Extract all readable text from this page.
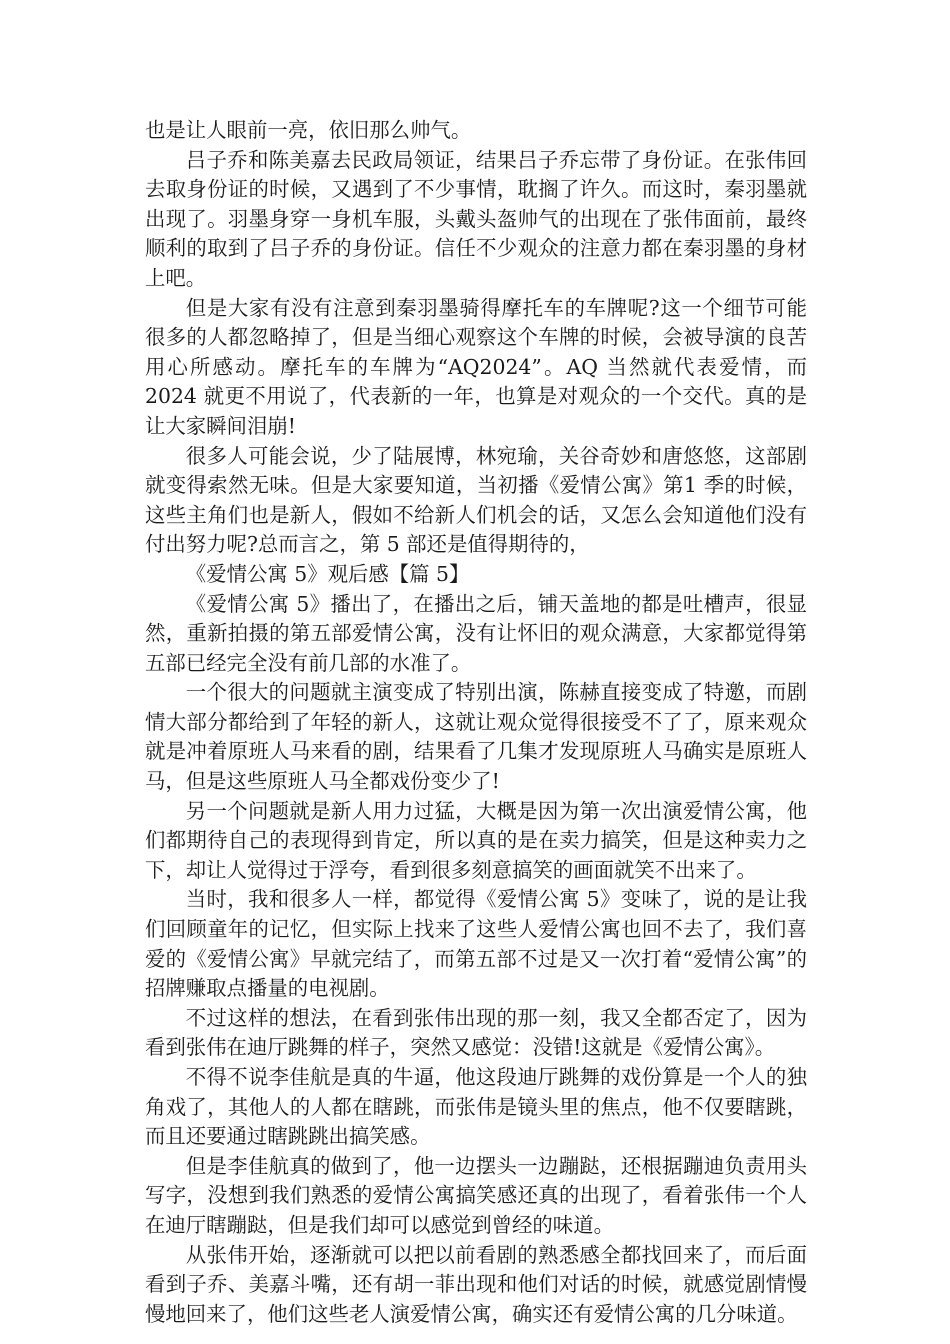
也是让人眼前一亮，依旧那么帅气。

吕子乔和陈美嘉去民政局领证，结果吕子乔忘带了身份证。在张伟回去取身份证的时候，又遇到了不少事情，耽搁了许久。而这时，秦羽墨就出现了。羽墨身穿一身机车服，头戴头盔帅气的出现在了张伟面前，最终顺利的取到了吕子乔的身份证。信任不少观众的注意力都在秦羽墨的身材上吧。

但是大家有没有注意到秦羽墨骑得摩托车的车牌呢?这一个细节可能很多的人都忽略掉了，但是当细心观察这个车牌的时候，会被导演的良苦用心所感动。摩托车的车牌为“AQ2024”。AQ 当然就代表爱情，而 2024 就更不用说了，代表新的一年，也算是对观众的一个交代。真的是让大家瞬间泪崩!

很多人可能会说，少了陆展博，林宛瑜，关谷奇妙和唐悠悠，这部剧就变得索然无味。但是大家要知道，当初播《爱情公寓》第1 季的时候，这些主角们也是新人，假如不给新人们机会的话，又怎么会知道他们没有付出努力呢?总而言之，第 5 部还是值得期待的，

《爱情公寓 5》观后感【篇 5】

《爱情公寓 5》播出了，在播出之后，铺天盖地的都是吐槽声，很显然，重新拍摄的第五部爱情公寓，没有让怀旧的观众满意，大家都觉得第五部已经完全没有前几部的水准了。

一个很大的问题就主演变成了特别出演，陈赫直接变成了特邀，而剧情大部分都给到了年轻的新人，这就让观众觉得很接受不了了，原来观众就是冲着原班人马来看的剧，结果看了几集才发现原班人马确实是原班人马，但是这些原班人马全都戏份变少了!

另一个问题就是新人用力过猛，大概是因为第一次出演爱情公寓，他们都期待自己的表现得到肯定，所以真的是在卖力搞笑，但是这种卖力之下，却让人觉得过于浮夸，看到很多刻意搞笑的画面就笑不出来了。

当时，我和很多人一样，都觉得《爱情公寓 5》变味了，说的是让我们回顾童年的记忆，但实际上找来了这些人爱情公寓也回不去了，我们喜爱的《爱情公寓》早就完结了，而第五部不过是又一次打着“爱情公寓”的招牌赚取点播量的电视剧。

不过这样的想法，在看到张伟出现的那一刻，我又全都否定了，因为看到张伟在迪厅跳舞的样子，突然又感觉：没错!这就是《爱情公寓》。

不得不说李佳航是真的牛逼，他这段迪厅跳舞的戏份算是一个人的独角戏了，其他人的人都在瞎跳，而张伟是镜头里的焦点，他不仅要瞎跳，而且还要通过瞎跳跳出搞笑感。

但是李佳航真的做到了，他一边摆头一边蹦跶，还根据蹦迪负责用头写字，没想到我们熟悉的爱情公寓搞笑感还真的出现了，看着张伟一个人在迪厅瞎蹦跶，但是我们却可以感觉到曾经的味道。

从张伟开始，逐渐就可以把以前看剧的熟悉感全都找回来了，而后面看到子乔、美嘉斗嘴，还有胡一菲出现和他们对话的时候，就感觉剧情慢慢地回来了，他们这些老人演爱情公寓，确实还有爱情公寓的几分味道。
